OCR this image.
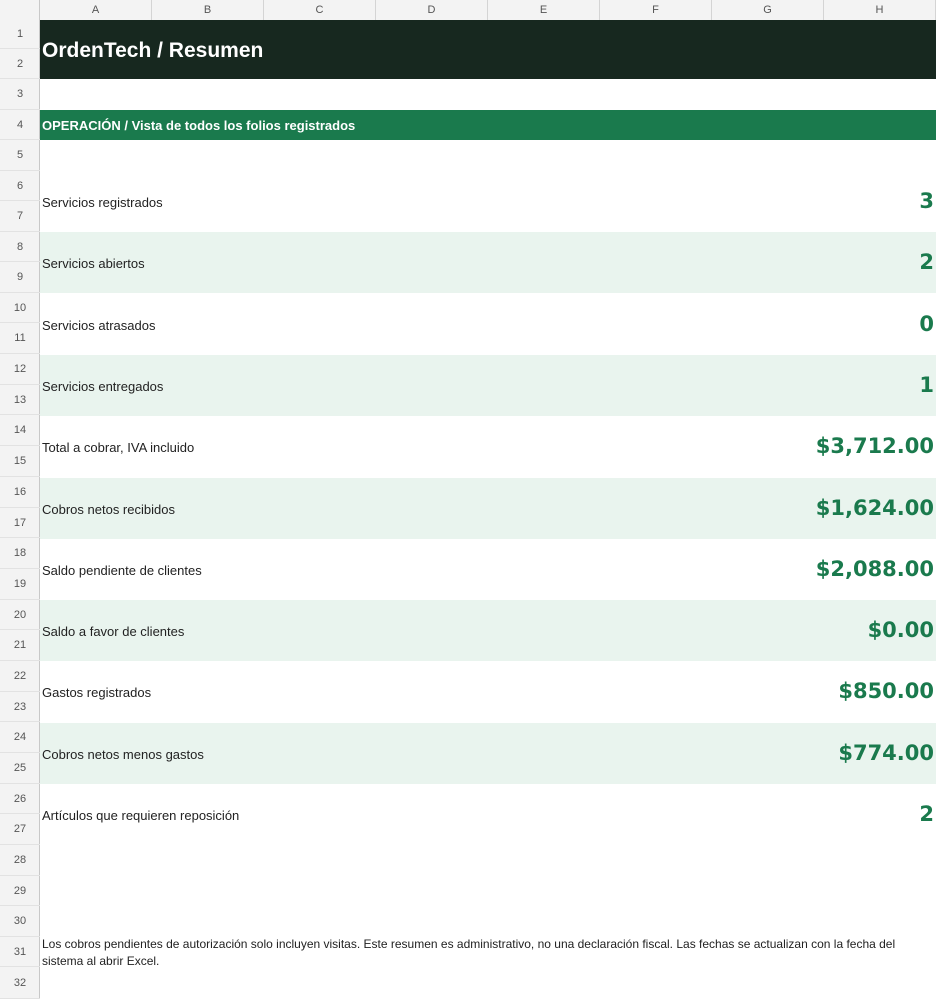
A	B	C	D	E	F	G	H
1
2
3
4
5
6
7
8
9
10
11
12
13
14
15
16
17
18
19
20
21
22
23
24
25
26
27
28
29
30
31
32
OrdenTech / Resumen
OPERACIÓN / Vista de todos los folios registrados
Servicios registrados	3
Servicios abiertos	2
Servicios atrasados	0
Servicios entregados	1
Total a cobrar, IVA incluido	$3,712.00
Cobros netos recibidos	$1,624.00
Saldo pendiente de clientes	$2,088.00
Saldo a favor de clientes	$0.00
Gastos registrados	$850.00
Cobros netos menos gastos	$774.00
Artículos que requieren reposición	2
Los cobros pendientes de autorización solo incluyen visitas. Este resumen es administrativo, no una declaración fiscal. Las fechas se actualizan con la fecha del sistema al abrir Excel.
